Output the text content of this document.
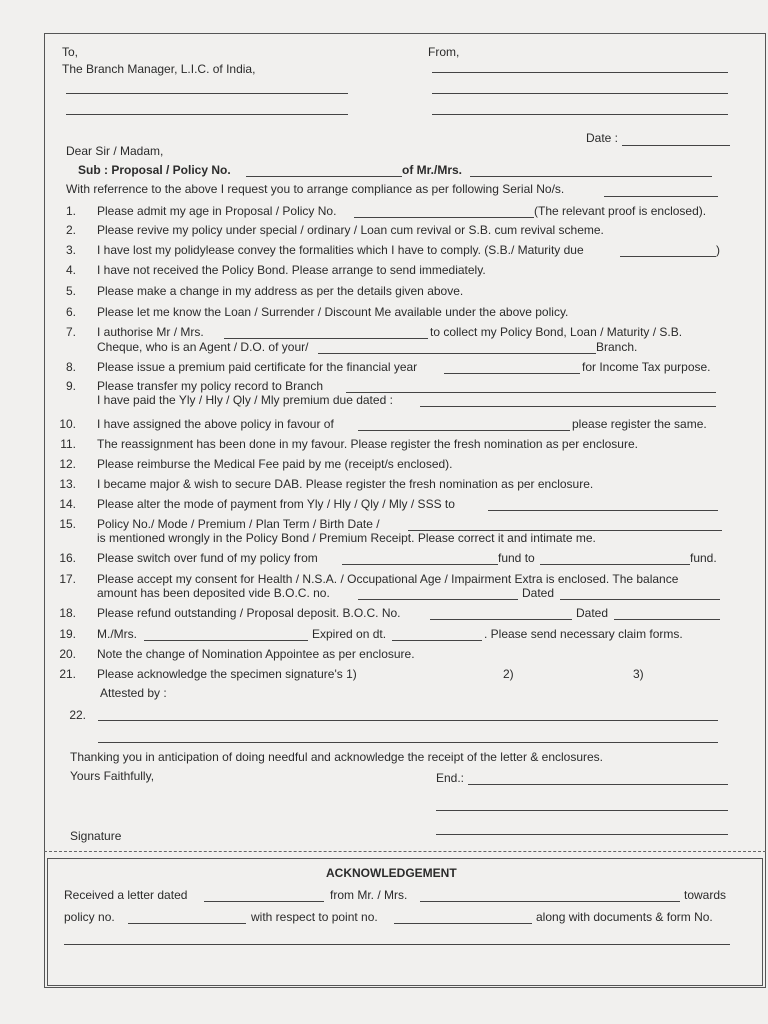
To,
The Branch Manager, L.I.C. of India,
From,
Date :
Dear Sir / Madam,
Sub : Proposal / Policy No.	of Mr./Mrs.
With referrence to the above I request you to arrange compliance as per following Serial No/s.
1. Please admit my age in Proposal / Policy No.	(The relevant proof is enclosed).
2. Please revive my policy under special / ordinary / Loan cum revival or S.B. cum revival scheme.
3. I have lost my polidylease convey the formalities which I have to comply. (S.B./ Maturity due	)
4. I have not received the Policy Bond. Please arrange to send immediately.
5. Please make a change in my address as per the details given above.
6. Please let me know the Loan / Surrender / Discount Me available under the above policy.
7. I authorise Mr / Mrs.	to collect my Policy Bond, Loan / Maturity / S.B.
Cheque, who is an Agent / D.O. of your/	Branch.
8. Please issue a premium paid certificate for the financial year	for Income Tax purpose.
9. Please transfer my policy record to Branch
I have paid the Yly / Hly / Qly / Mly premium due dated :
10. I have assigned the above policy in favour of	please register the same.
11. The reassignment has been done in my favour. Please register the fresh nomination as per enclosure.
12. Please reimburse the Medical Fee paid by me (receipt/s enclosed).
13. I became major & wish to secure DAB. Please register the fresh nomination as per enclosure.
14. Please alter the mode of payment from Yly / Hly / Qly / Mly / SSS to
15. Policy No./ Mode / Premium / Plan Term / Birth Date /
is mentioned wrongly in the Policy Bond / Premium Receipt. Please correct it and intimate me.
16. Please switch over fund of my policy from	fund to	fund.
17. Please accept my consent for Health / N.S.A. / Occupational Age / Impairment Extra is enclosed. The balance
amount has been deposited vide B.O.C. no.	Dated
18. Please refund outstanding / Proposal deposit. B.O.C. No.	Dated
19. M./Mrs.	Expired on dt.	. Please send necessary claim forms.
20. Note the change of Nomination Appointee as per enclosure.
21. Please acknowledge the specimen signature's 1)	2)	3)
Attested by :
22.
Thanking you in anticipation of doing needful and acknowledge the receipt of the letter & enclosures.
Yours Faithfully,	End.:
Signature
ACKNOWLEDGEMENT
Received a letter dated	from Mr. / Mrs.	towards
policy no.	with respect to point no.	along with documents & form No.
